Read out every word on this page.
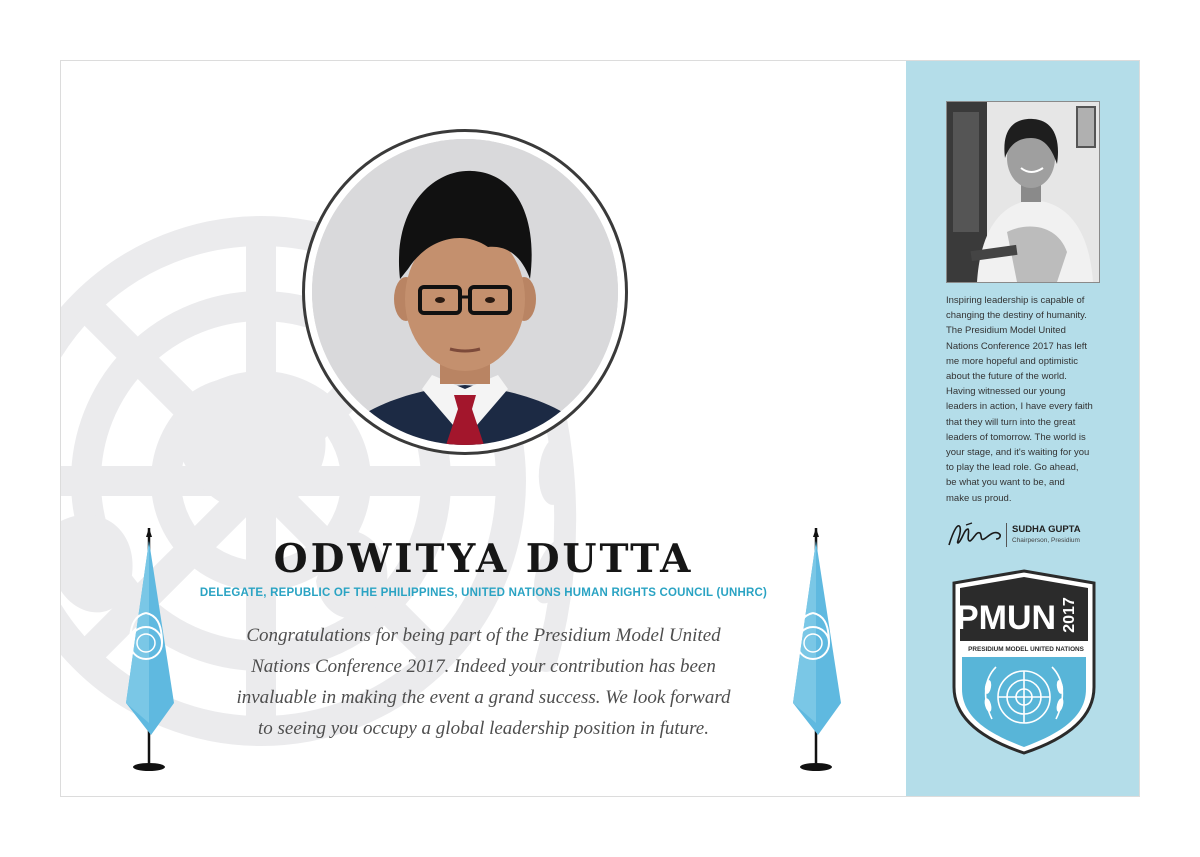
ODWITYA DUTTA

DELEGATE, REPUBLIC OF THE PHILIPPINES, UNITED NATIONS HUMAN RIGHTS COUNCIL (UNHRC)

Congratulations for being part of the Presidium Model United
Nations Conference 2017. Indeed your contribution has been
invaluable in making the event a grand success. We look forward
to seeing you occupy a global leadership position in future.

Inspiring leadership is capable of
changing the destiny of humanity.
The Presidium Model United
Nations Conference 2017 has left
me more hopeful and optimistic
about the future of the world.
Having witnessed our young
leaders in action, I have every faith
that they will turn into the great
leaders of tomorrow. The world is
your stage, and it's waiting for you
to play the lead role. Go ahead,
be what you want to be, and
make us proud.

SUDHA GUPTA

Chairperson, Presidium

PMUN 2017
PRESIDIUM MODEL UNITED NATIONS
